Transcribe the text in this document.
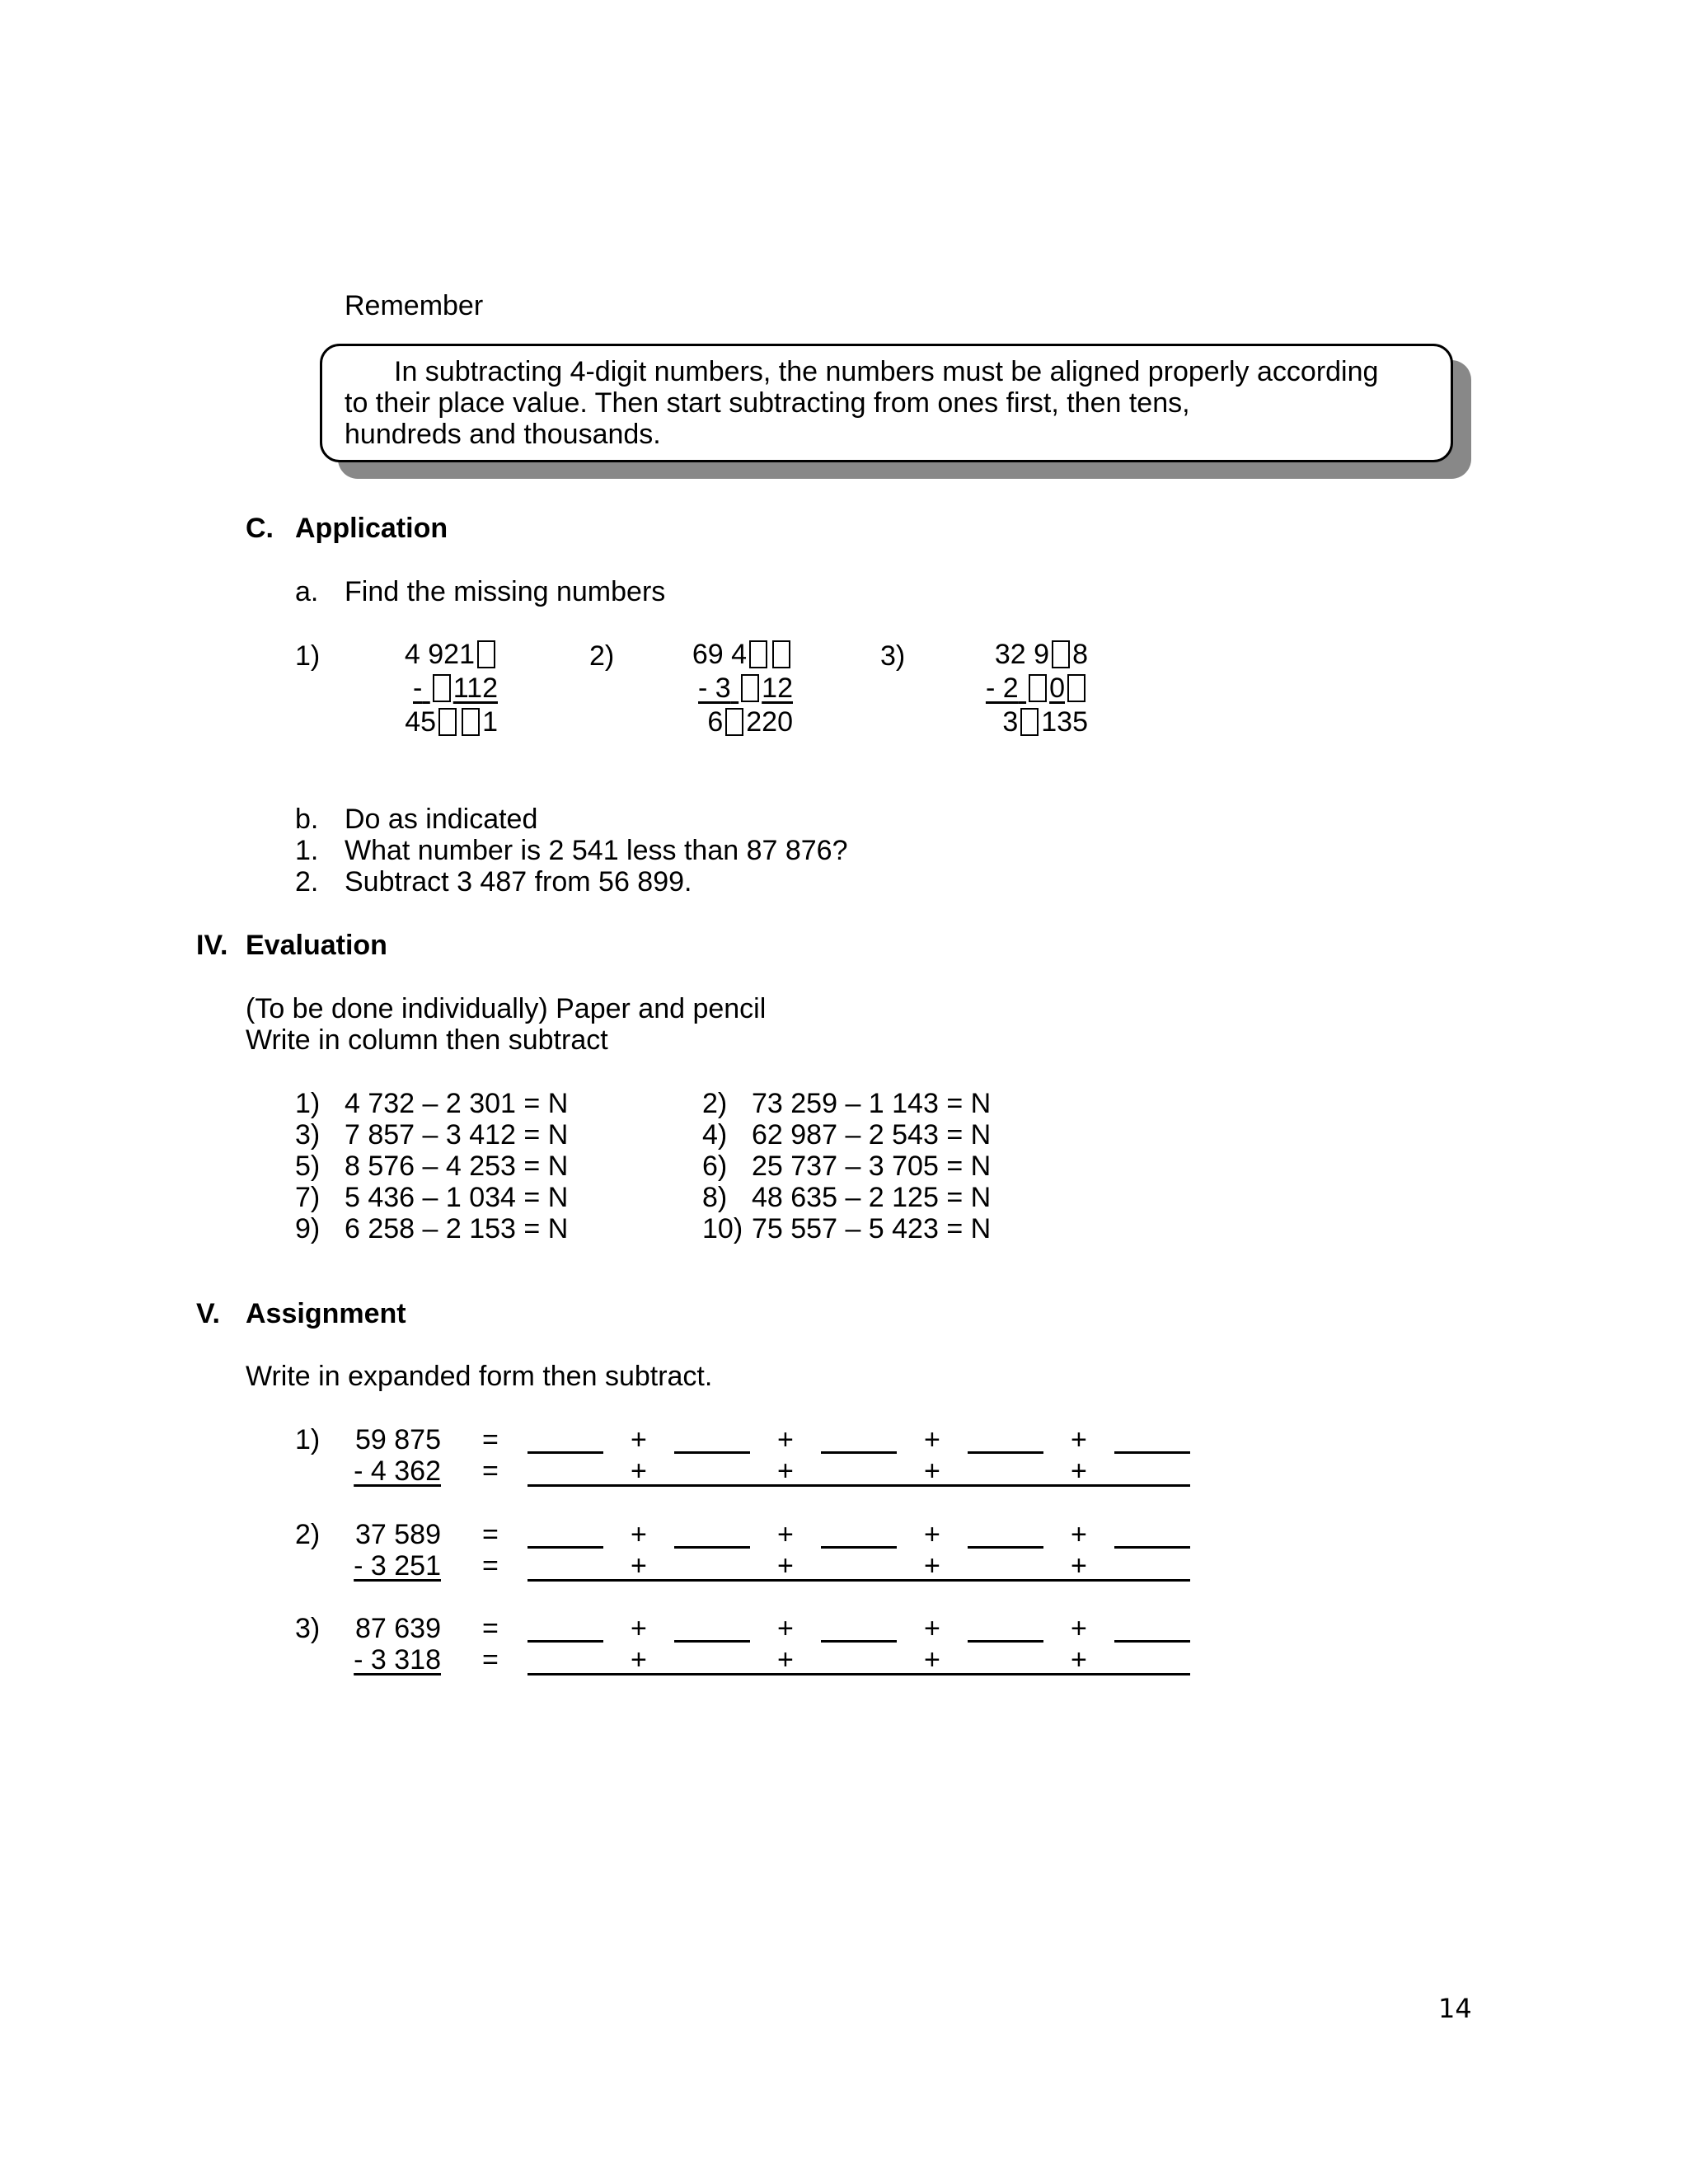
Remember
In subtracting 4-digit numbers, the numbers must be aligned properly according
to their place value. Then start subtracting from ones first, then tens,
hundreds and thousands.
C. Application
a. Find the missing numbers
1)	4 921
- 112
45 1
2)	69 4
- 3 12
6 220
3)	32 9 8
- 2 0
3 135
b. Do as indicated
1. What number is 2 541 less than 87 876?
2. Subtract 3 487 from 56 899.
IV. Evaluation
(To be done individually) Paper and pencil
Write in column then subtract
1) 4 732 – 2 301 = N	2) 73 259 – 1 143 = N
3) 7 857 – 3 412 = N	4) 62 987 – 2 543 = N
5) 8 576 – 4 253 = N	6) 25 737 – 3 705 = N
7) 5 436 – 1 034 = N	8) 48 635 – 2 125 = N
9) 6 258 – 2 153 = N	10) 75 557 – 5 423 = N
V. Assignment
Write in expanded form then subtract.
1)	59 875 =	+	+	+	+
- 4 362 =	+	+	+	+
2)	37 589 =	+	+	+	+
- 3 251 =	+	+	+	+
3)	87 639 =	+	+	+	+
- 3 318 =	+	+	+	+
14
